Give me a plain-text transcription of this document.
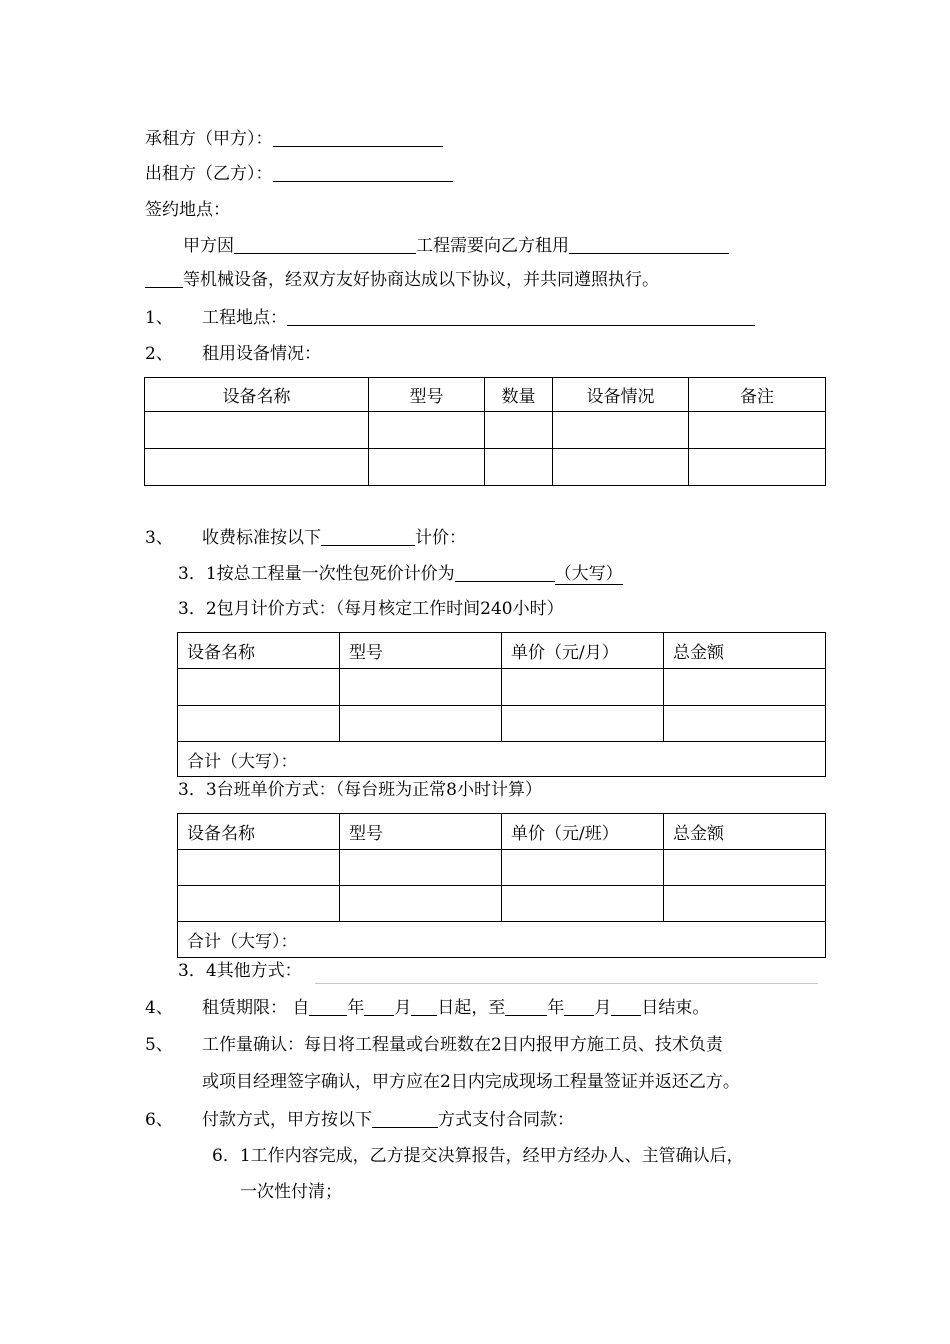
承租方（甲方）：
出租方（乙方）：
签约地点：
甲方因	工程需要向乙方租用
等机械设备，经双方友好协商达成以下协议，并共同遵照执行。
1、 工程地点：
2、 租用设备情况：
设备名称	型号	数量	设备情况	备注

3、 收费标准按以下	计价：
3．1按总工程量一次性包死价计价为	（大写）
3．2包月计价方式：（每月核定工作时间240小时）
设备名称	型号	单价（元/月）	总金额

合计（大写）：			
3．3台班单价方式：（每台班为正常8小时计算）
设备名称	型号	单价（元/班）	总金额

合计（大写）：			
3．4其他方式：
4、 租赁期限： 自 年 月 日起，至 年 月 日结束。
5、 工作量确认：每日将工程量或台班数在2日内报甲方施工员、技术负责
或项目经理签字确认，甲方应在2日内完成现场工程量签证并返还乙方。
6、 付款方式，甲方按以下	方式支付合同款：
6．1工作内容完成，乙方提交决算报告，经甲方经办人、主管确认后，
一次性付清；
